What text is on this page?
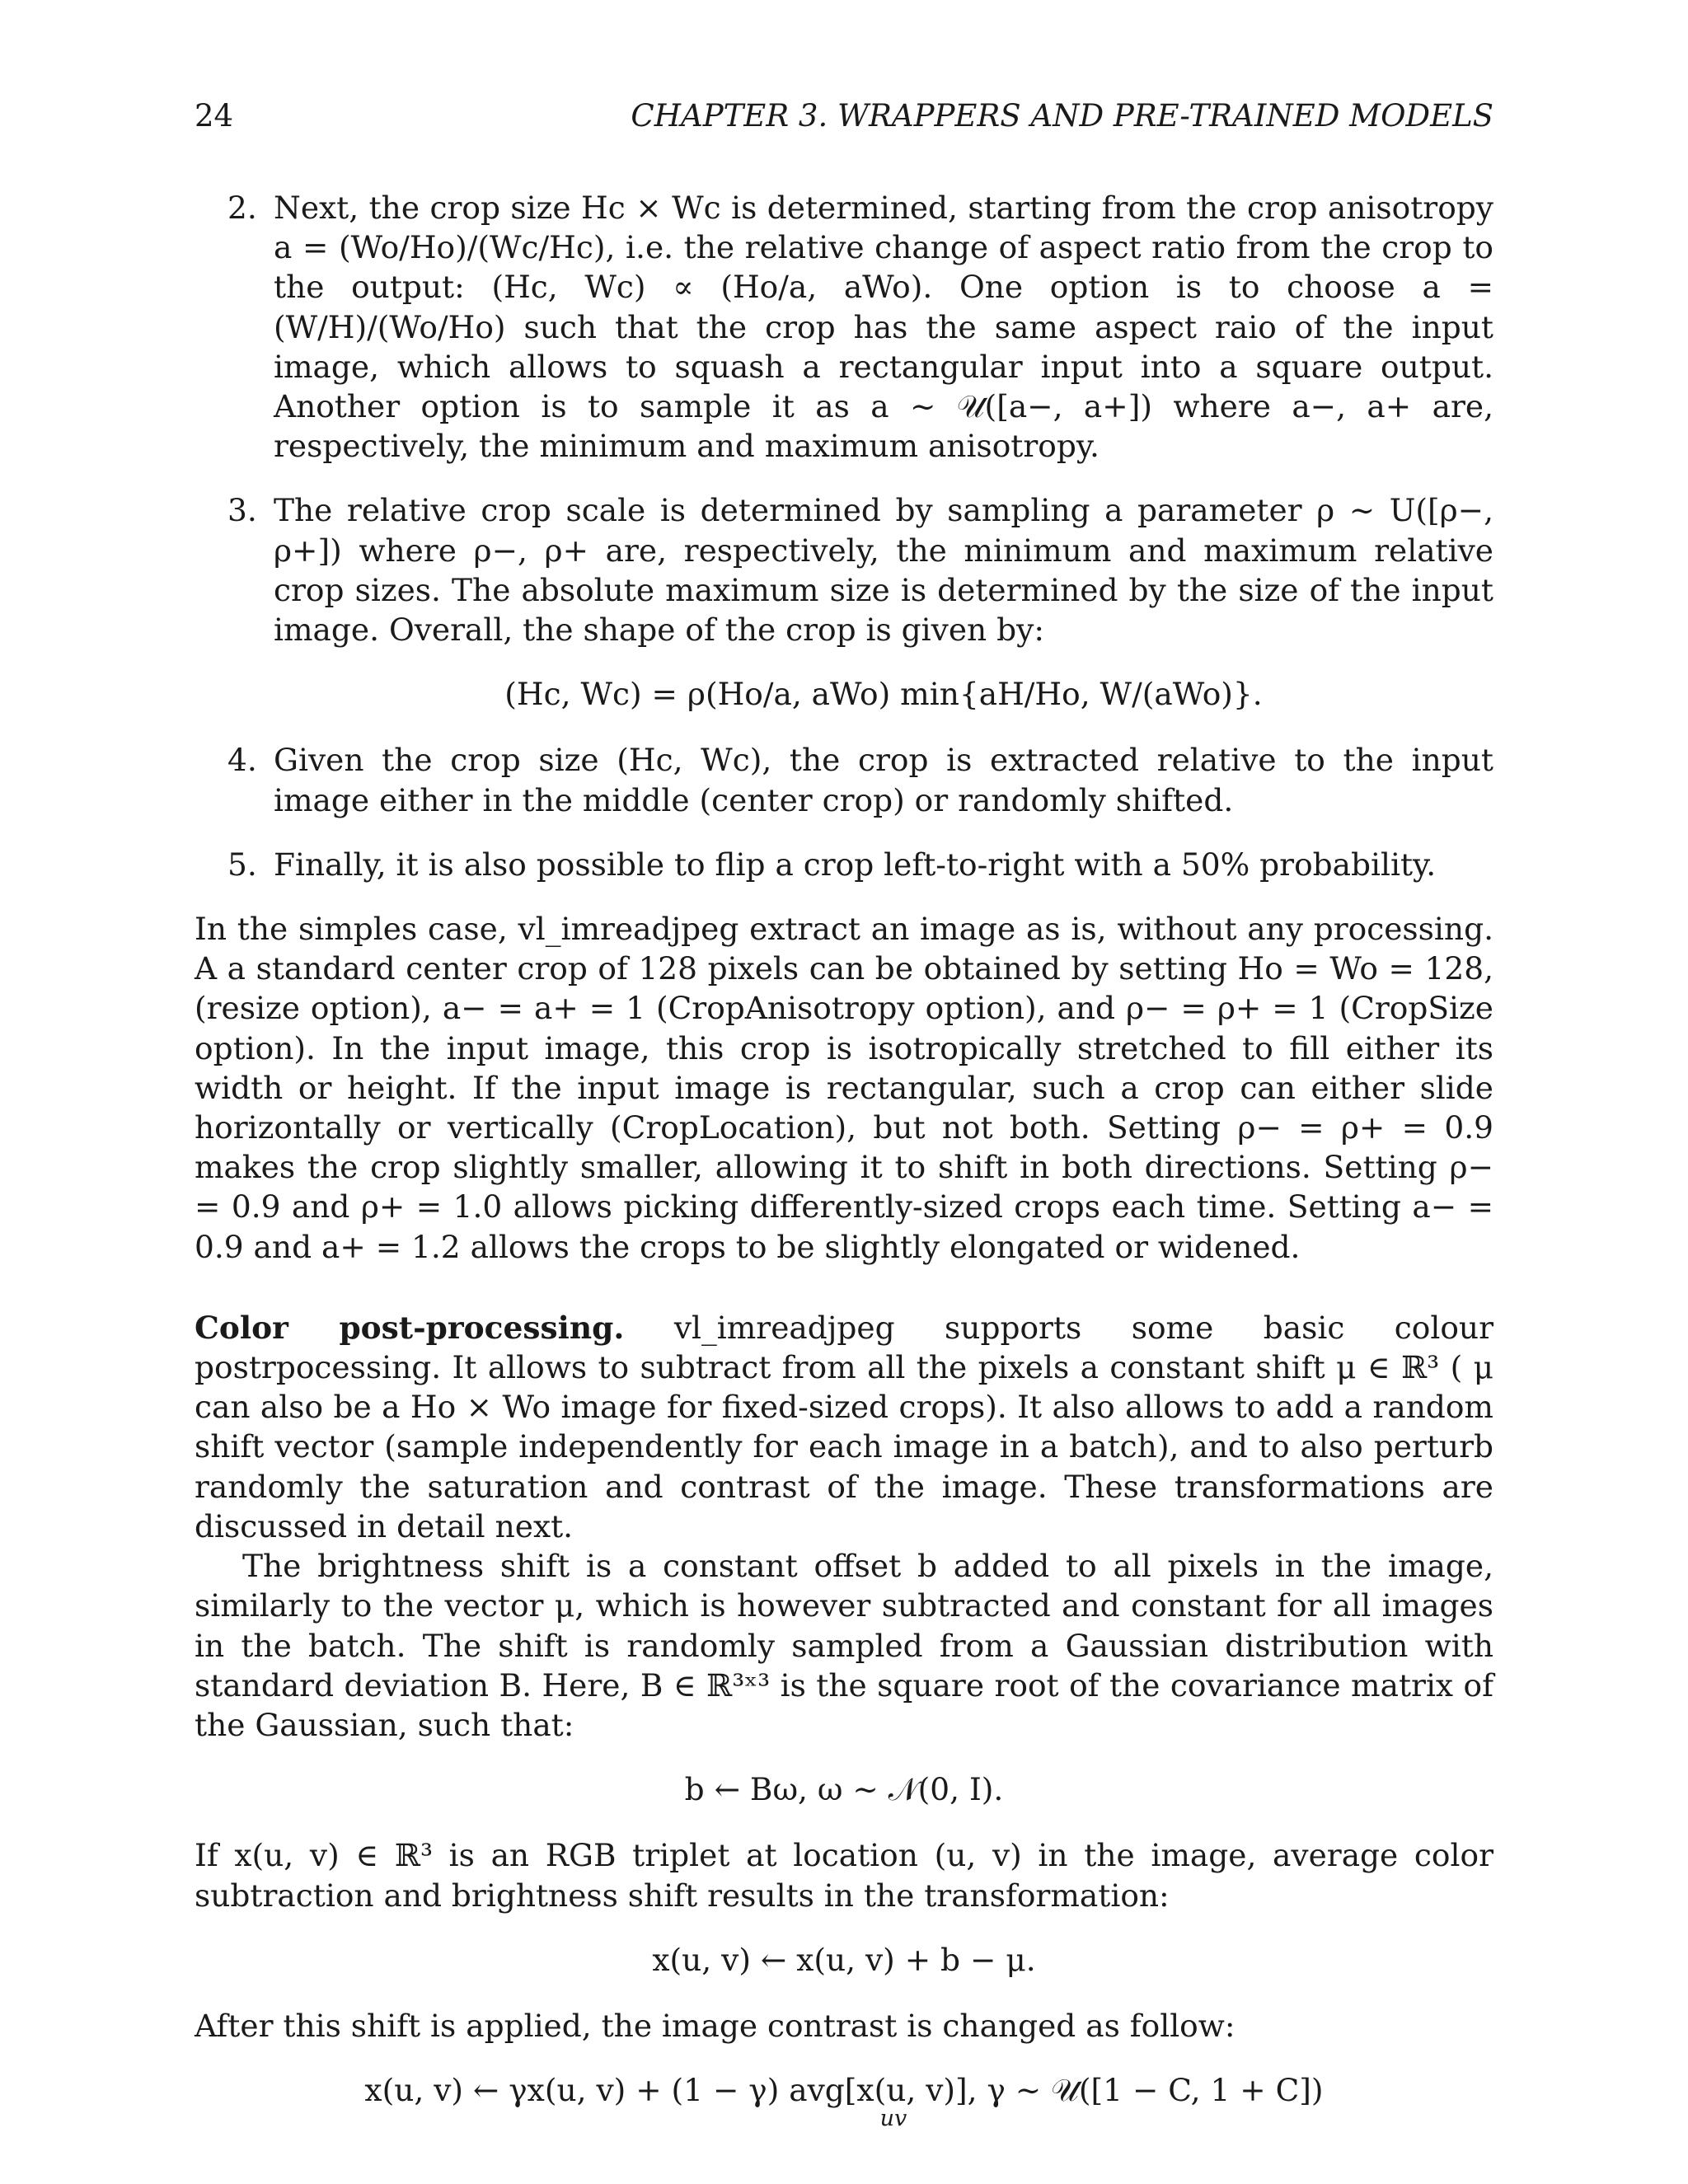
24	CHAPTER 3. WRAPPERS AND PRE-TRAINED MODELS
2. Next, the crop size Hc × Wc is determined, starting from the crop anisotropy a = (Wo/Ho)/(Wc/Hc), i.e. the relative change of aspect ratio from the crop to the output: (Hc, Wc) ∝ (Ho/a, aWo). One option is to choose a = (W/H)/(Wo/Ho) such that the crop has the same aspect raio of the input image, which allows to squash a rectangular input into a square output. Another option is to sample it as a ∼ 𝒰([a−, a+]) where a−, a+ are, respectively, the minimum and maximum anisotropy.
3. The relative crop scale is determined by sampling a parameter ρ ∼ U([ρ−, ρ+]) where ρ−, ρ+ are, respectively, the minimum and maximum relative crop sizes. The absolute maximum size is determined by the size of the input image. Overall, the shape of the crop is given by:
(Hc, Wc) = ρ(Ho/a, aWo) min{aH/Ho, W/(aWo)}.
4. Given the crop size (Hc, Wc), the crop is extracted relative to the input image either in the middle (center crop) or randomly shifted.
5. Finally, it is also possible to flip a crop left-to-right with a 50% probability.

In the simples case, vl_imreadjpeg extract an image as is, without any processing. A a standard center crop of 128 pixels can be obtained by setting Ho = Wo = 128, (resize option), a− = a+ = 1 (CropAnisotropy option), and ρ− = ρ+ = 1 (CropSize option). In the input image, this crop is isotropically stretched to fill either its width or height. If the input image is rectangular, such a crop can either slide horizontally or vertically (CropLocation), but not both. Setting ρ− = ρ+ = 0.9 makes the crop slightly smaller, allowing it to shift in both directions. Setting ρ− = 0.9 and ρ+ = 1.0 allows picking differently-sized crops each time. Setting a− = 0.9 and a+ = 1.2 allows the crops to be slightly elongated or widened.

Color post-processing. vl_imreadjpeg supports some basic colour postrpocessing. It allows to subtract from all the pixels a constant shift μ ∈ ℝ³ ( μ can also be a Ho × Wo image for fixed-sized crops). It also allows to add a random shift vector (sample independently for each image in a batch), and to also perturb randomly the saturation and contrast of the image. These transformations are discussed in detail next.

The brightness shift is a constant offset b added to all pixels in the image, similarly to the vector μ, which is however subtracted and constant for all images in the batch. The shift is randomly sampled from a Gaussian distribution with standard deviation B. Here, B ∈ ℝ³ˣ³ is the square root of the covariance matrix of the Gaussian, such that:

b ← Bω, ω ∼ 𝒩(0, I).

If x(u, v) ∈ ℝ³ is an RGB triplet at location (u, v) in the image, average color subtraction and brightness shift results in the transformation:

x(u, v) ← x(u, v) + b − μ.

After this shift is applied, the image contrast is changed as follow:

x(u, v) ← γx(u, v) + (1 − γ) avg[x(u, v)], γ ∼ 𝒰([1 − C, 1 + C])
uv
